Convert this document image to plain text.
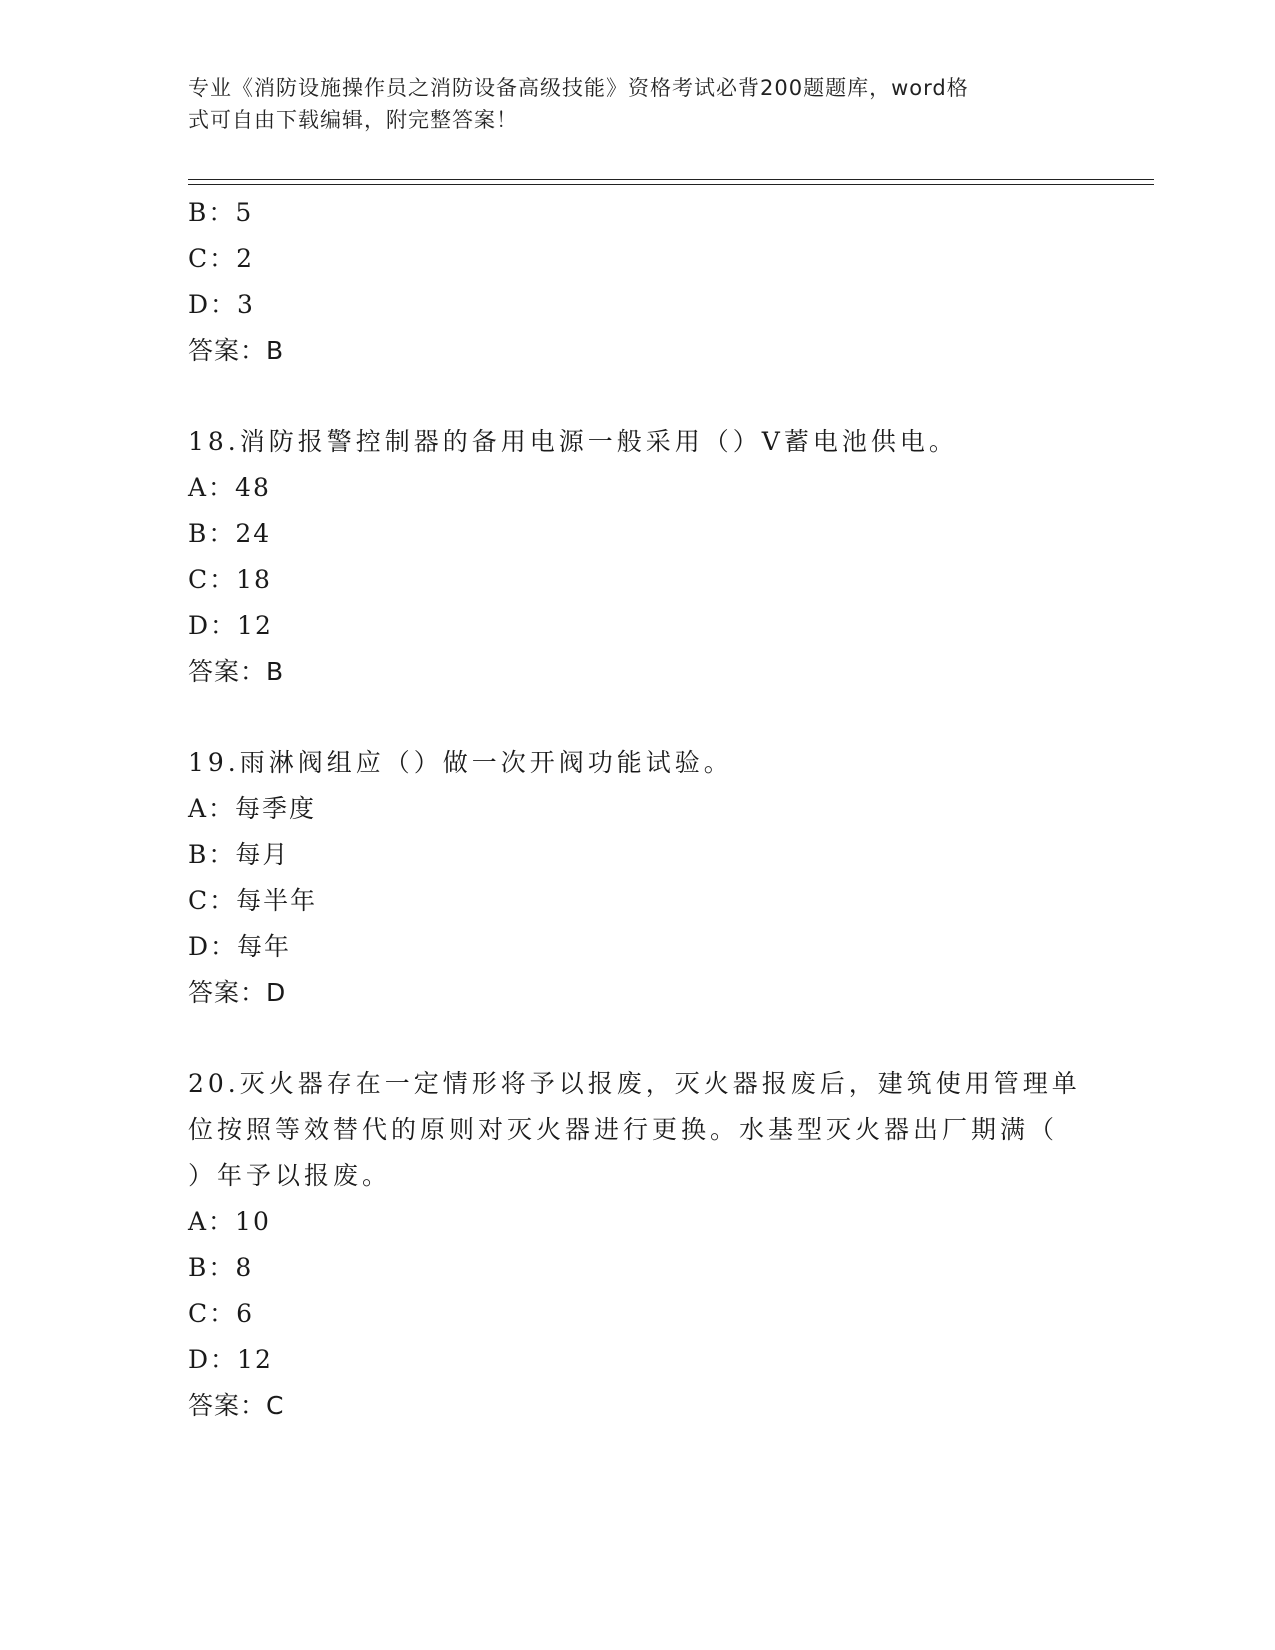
专业《消防设施操作员之消防设备高级技能》资格考试必背200题题库，word格
式可自由下载编辑，附完整答案！
B：5
C：2
D：3
答案：B
18.消防报警控制器的备用电源一般采用（）V蓄电池供电。
A：48
B：24
C：18
D：12
答案：B
19.雨淋阀组应（）做一次开阀功能试验。
A：每季度
B：每月
C：每半年
D：每年
答案：D
20.灭火器存在一定情形将予以报废，灭火器报废后，建筑使用管理单
位按照等效替代的原则对灭火器进行更换。水基型灭火器出厂期满（
）年予以报废。
A：10
B：8
C：6
D：12
答案：C
